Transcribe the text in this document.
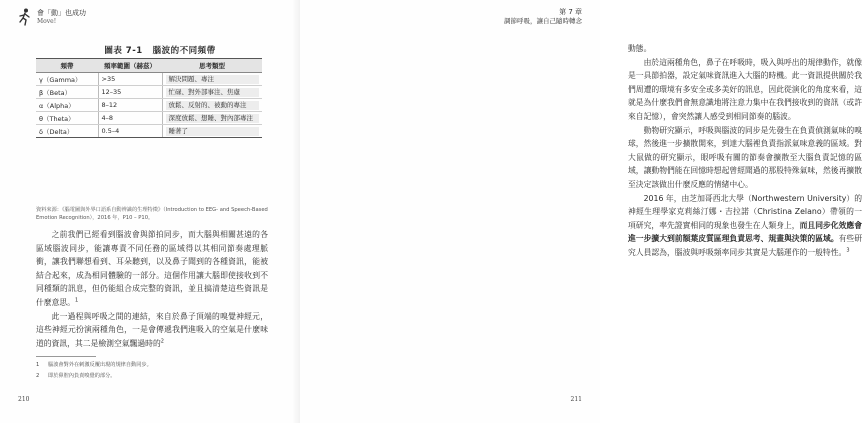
會「動」也成功
Move!
圖表 7-1 腦波的不同頻帶
頻帶	頻率範圍（赫茲）	思考類型
γ（Gamma）	>35	解決問題、專注

β（Beta）	12–35	忙碌、對外部事注、焦慮

α（Alpha）	8–12	放鬆、反射的、被動的專注

θ（Theta）	4–8	深度放鬆、想睡、對內部專注

δ（Delta）	0.5–4	睡著了
資料來源：《腦電圖與外界口語系自動辨識的生理特徵》（Introduction to EEG- and Speech-Based Emotion Recognition），2016 年，P10 – P10。

之前我們已經看到腦波會與節拍同步，而大腦與相關甚遠的各區域腦波同步，能讓專責不同任務的區域得以其相同節奏處理脈衝，讓我們聯想看到、耳朵聽到，以及鼻子聞到的各種資訊，能被結合起來，成為相同體驗的一部分。這個作用讓大腦即使接收到不同種類的訊息，但仍能組合成完整的資訊，並且搞清楚這些資訊是什麼意思。$^1$

此一過程與呼吸之間的連結，來自於鼻子頂端的嗅覺神經元，這些神經元扮演兩種角色，一是會傳遞我們進吸入的空氣是什麼味道的資訊，其二是檢測空氣飄過時的$^2$

1	腦波會對外在刺激反覆出現的規律自動同步。
2	即於鼻腔內負責嗅覺的部分。
210
第 7 章
調節呼吸，讓自己隨時轉念

動態。

由於這兩種角色，鼻子在呼吸時，吸入與呼出的規律動作，就像是一具節拍器，設定氣味資訊進入大腦的時機。此一資訊提供關於我們周遭的環境有多安全或多美好的訊息，因此從演化的角度來看，這就是為什麼我們會無意識地將注意力集中在我們接收到的資訊（或許來自記憶），會突然讓人感受到相同節奏的腦波。

動物研究顯示，呼吸與腦波的同步是先發生在負責偵測氣味的嗅球，然後進一步擴散開來，到達大腦裡負責指派氣味意義的區域。對大鼠做的研究顯示，眼呼吸有關的節奏會擴散至大腦負責記憶的區域，讓動物們能在回憶時想起曾經聞過的那股特殊氣味，然後再擴散至決定該做出什麼反應的情緒中心。

2016 年，由芝加哥西北大學（Northwestern University）的神經生理學家克莉絲汀娜・吉拉諾（Christina Zelano）帶領的一項研究，率先證實相同的現象也發生在人類身上，而且同步化效應會進一步擴大到前額葉皮質區理負責思考、規畫與決策的區域。有些研究人員認為，腦波與呼吸頻率同步其實是大腦運作的一般特性。$^3$

211
